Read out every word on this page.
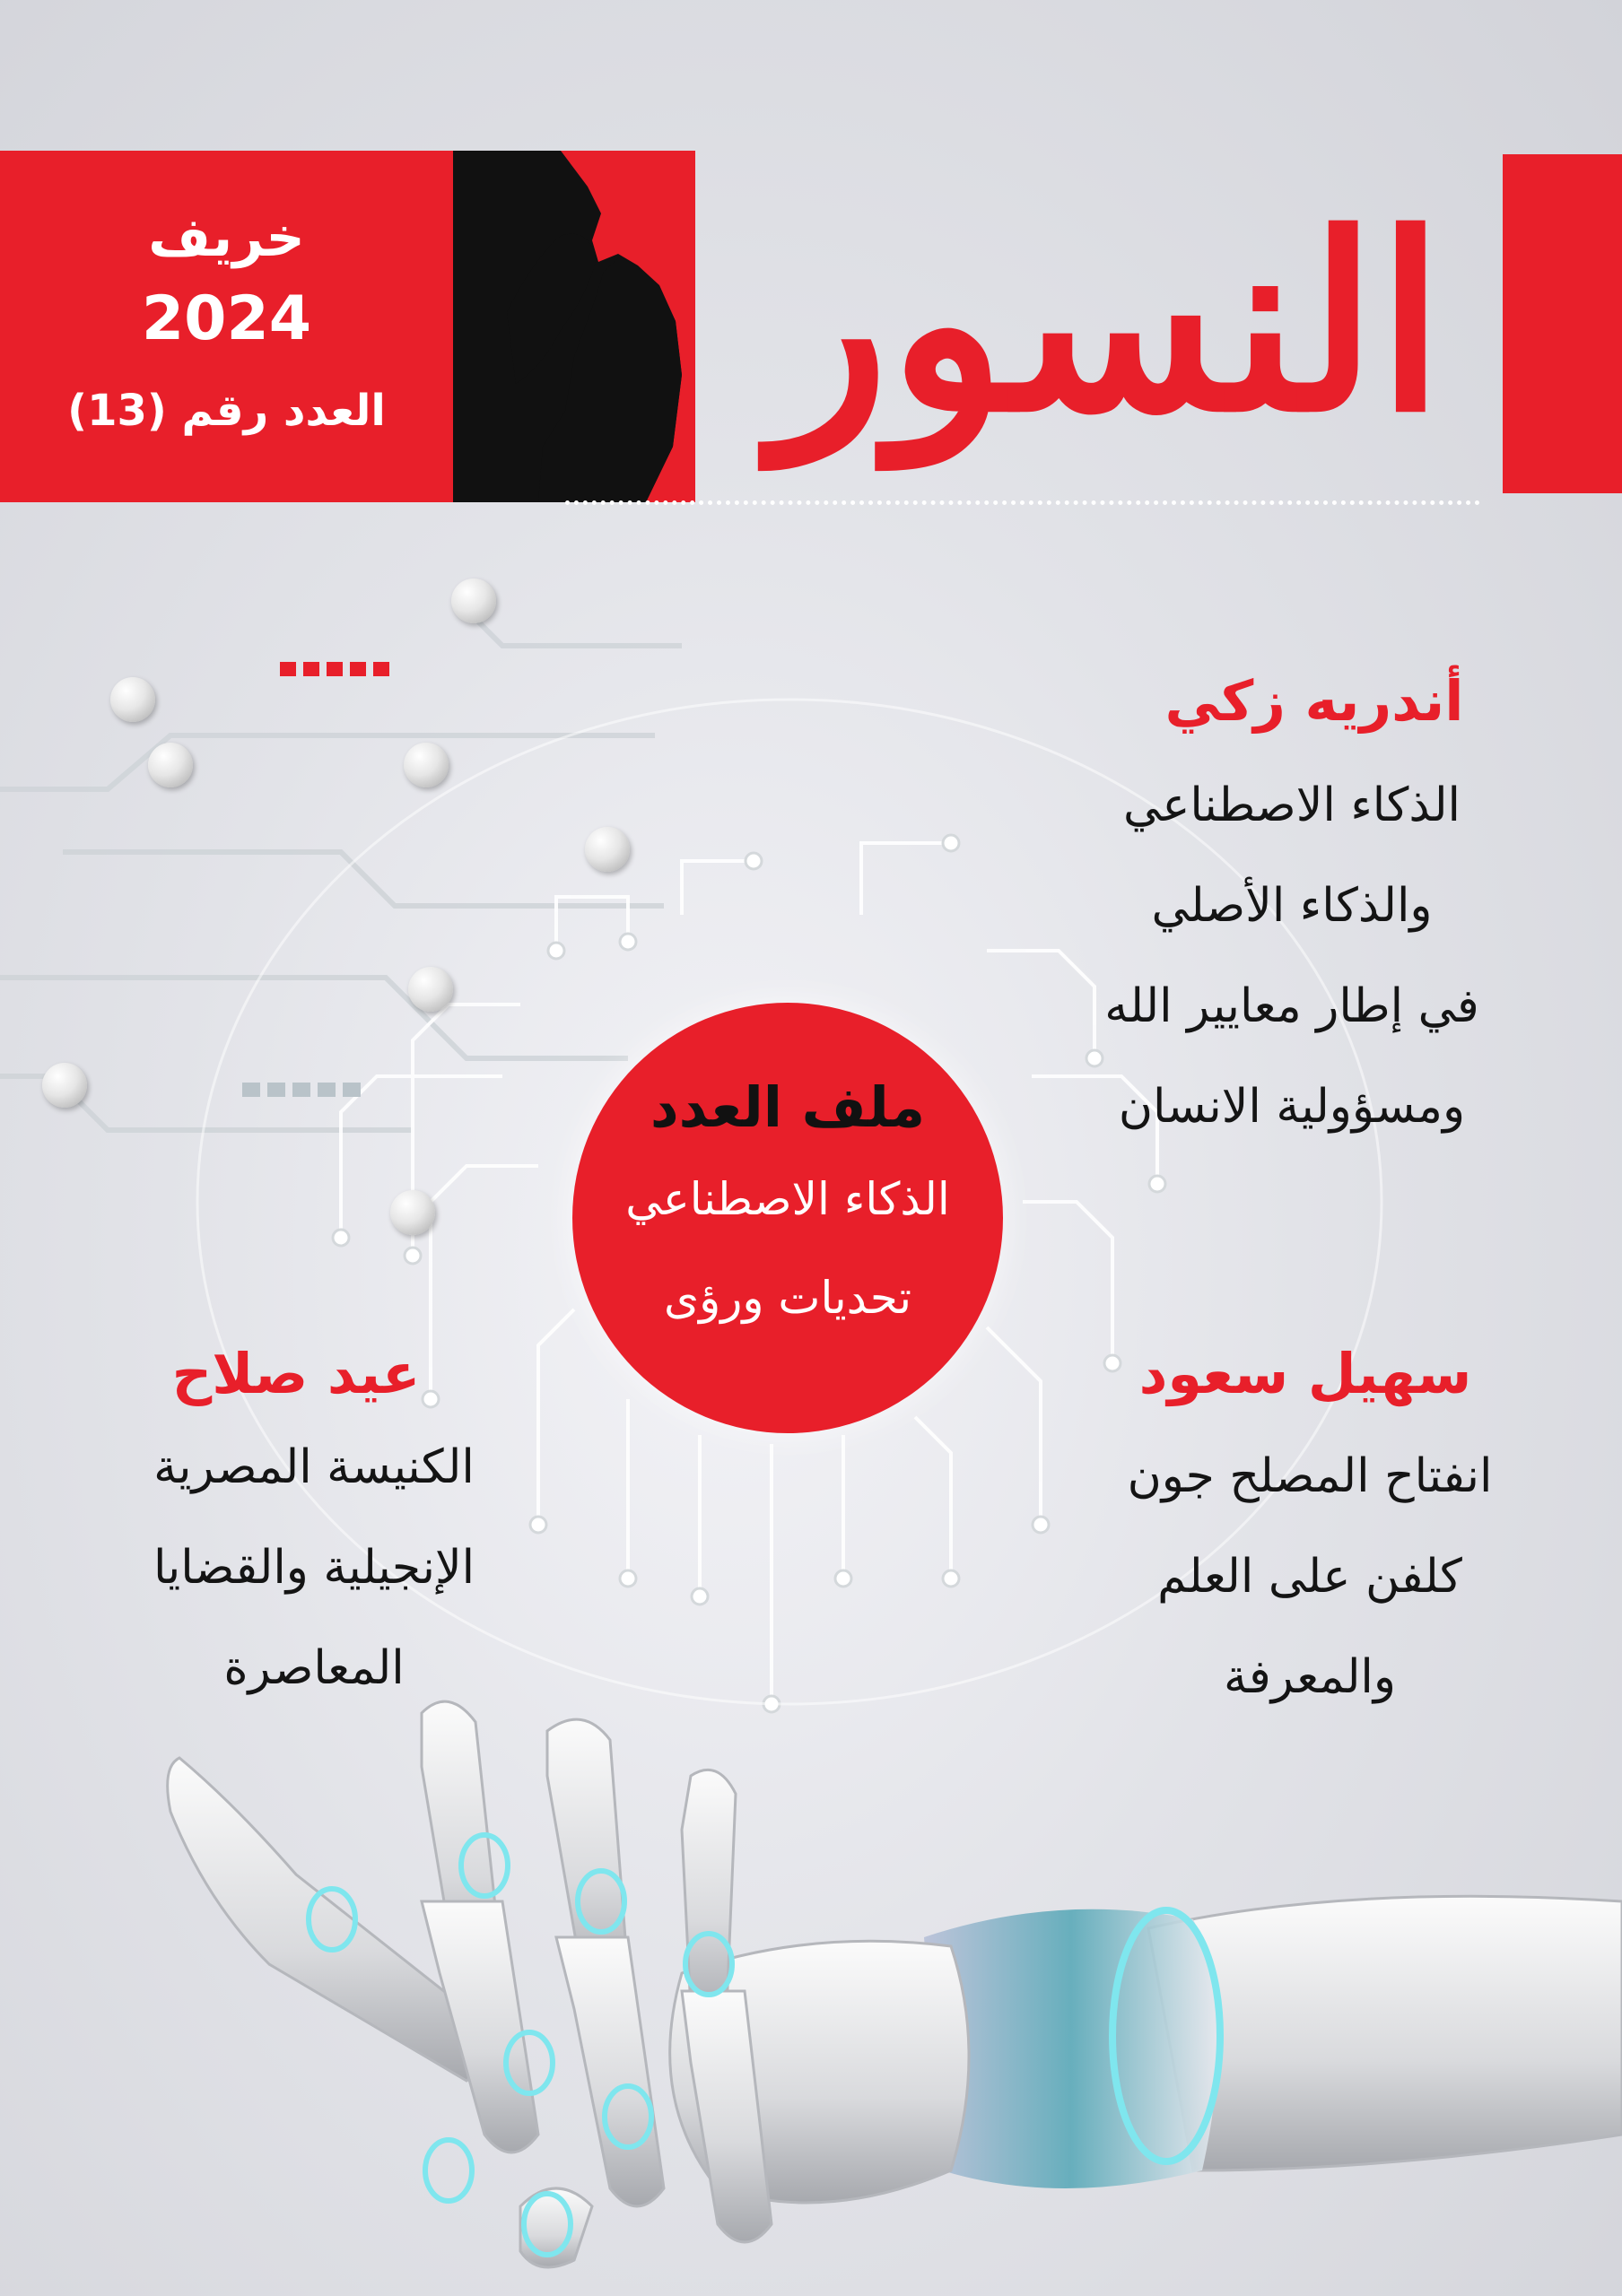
خريف
2024
العدد رقم (13) النسور
أندريه زكي
الذكاء الاصطناعي
والذكاء الأصلي
في إطار معايير الله
ومسؤولية الانسان
ملف العدد
الذكاء الاصطناعي
تحديات ورؤى
سهيل سعود
انفتاح المصلح جون
كلفن على العلم
والمعرفة
عيد صلاح
الكنيسة المصرية
الإنجيلية والقضايا
المعاصرة
